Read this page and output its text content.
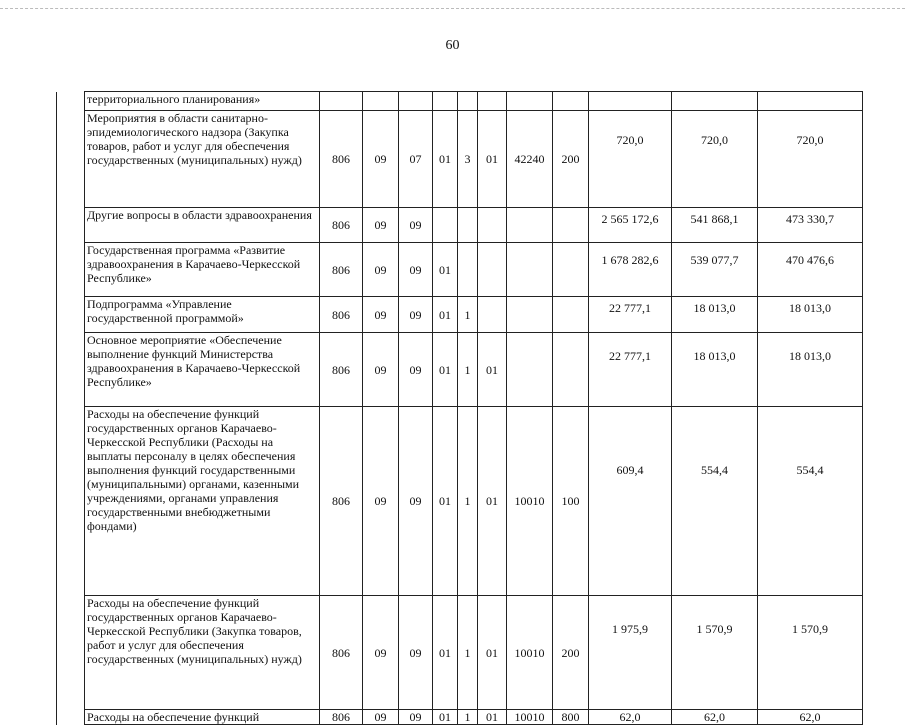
60
	территориального планирования»											
	Мероприятия в области санитарно-эпидемиологического надзора (Закупка товаров, работ и услуг для обеспечения государственных (муниципальных) нужд)	806	09	07	01	3	01	42240	200	720,0	720,0	720,0
	Другие вопросы в области здравоохранения	806	09	09						2 565 172,6	541 868,1	473 330,7
	Государственная программа «Развитие здравоохранения в Карачаево-Черкесской Республике»	806	09	09	01					1 678 282,6	539 077,7	470 476,6
	Подпрограмма «Управление государственной программой»	806	09	09	01	1				22 777,1	18 013,0	18 013,0
	Основное мероприятие «Обеспечение выполнение функций Министерства здравоохранения в Карачаево-Черкесской Республике»	806	09	09	01	1	01			22 777,1	18 013,0	18 013,0
	Расходы на обеспечение функций государственных органов Карачаево-Черкесской Республики (Расходы на выплаты персоналу в целях обеспечения выполнения функций государственными (муниципальными) органами, казенными учреждениями, органами управления государственными внебюджетными фондами)	806	09	09	01	1	01	10010	100	609,4	554,4	554,4
	Расходы на обеспечение функций государственных органов Карачаево-Черкесской Республики (Закупка товаров, работ и услуг для обеспечения государственных (муниципальных) нужд)	806	09	09	01	1	01	10010	200	1 975,9	1 570,9	1 570,9
	Расходы на обеспечение функций	806	09	09	01	1	01	10010	800	62,0	62,0	62,0
